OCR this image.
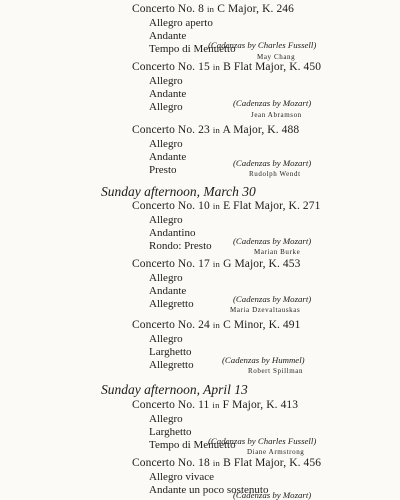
Concerto No. 8 in C Major, K. 246
Allegro aperto
Andante
Tempo di Menuetto
(Cadenzas by Charles Fussell)
May Chang
Concerto No. 15 in B Flat Major, K. 450
Allegro
Andante
Allegro	(Cadenzas by Mozart)
Jean Abramson
Concerto No. 23 in A Major, K. 488
Allegro
Andante
Presto
(Cadenzas by Mozart)
Rudolph Wendt
Sunday afternoon, March 30
Concerto No. 10 in E Flat Major, K. 271
Allegro
Andantino
Rondo: Presto (Cadenzas by Mozart)
Marian Burke
Concerto No. 17 in G Major, K. 453
Allegro
Andante
Allegretto	(Cadenzas by Mozart)
Maria Dzevaltauskas
Concerto No. 24 in C Minor, K. 491
Allegro
Larghetto
Allegretto	(Cadenzas by Hummel)
Robert Spillman
Sunday afternoon, April 13
Concerto No. 11 in F Major, K. 413
Allegro
Larghetto
Tempo di Menuetto
(Cadenzas by Charles Fussell)
Diane Armstrong
Concerto No. 18 in B Flat Major, K. 456
Allegro vivace
Andante un poco sostenuto
(Cadenzas by Mozart)
